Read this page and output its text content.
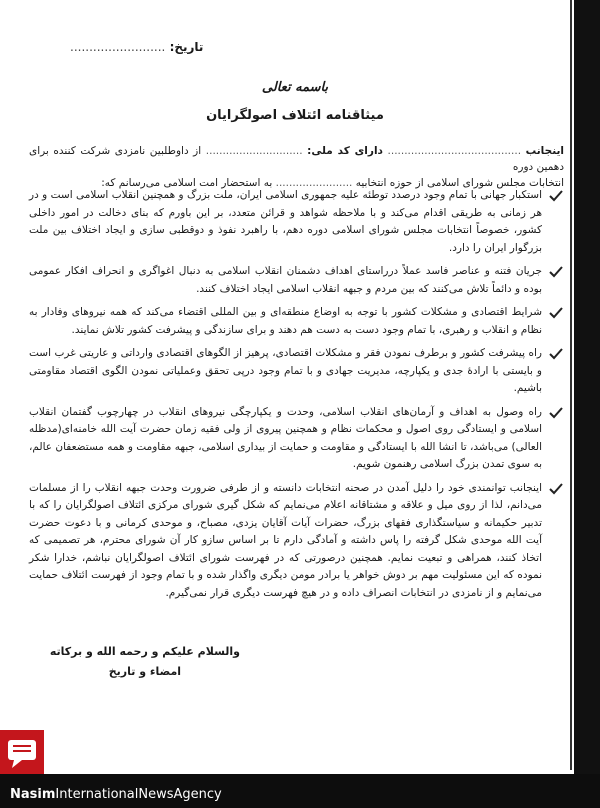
تاریخ: .........................
باسمه تعالی
میثاقنامه ائتلاف اصولگرایان
اینجانب ........................................ دارای کد ملی: ............................. از داوطلبین نامزدی شرکت کننده برای دهمین دوره
انتخابات مجلس شورای اسلامی از حوزه انتخابیه ....................... به استحضار امت اسلامی می‌رسانم که:
استکبار جهانی با تمام وجود درصدد توطئه علیه جمهوری اسلامی ایران، ملت بزرگ و همچنین انقلاب اسلامی است و در هر زمانی به طریقی اقدام می‌کند و با ملاحظه شواهد و قرائن متعدد، بر این باورم که بنای دخالت در امور داخلی کشور، خصوصاً انتخابات مجلس شورای اسلامی دوره دهم، با راهبرد نفوذ و دوقطبی سازی و ایجاد اختلاف بین ملت بزرگوار ایران را دارد.
جریان فتنه و عناصر فاسد عملاً درراستای اهداف دشمنان انقلاب اسلامی به دنبال اغواگری و انحراف افکار عمومی بوده و دائماً تلاش می‌کنند که بین مردم و جبهه انقلاب اسلامی ایجاد اختلاف کنند.
شرایط اقتصادی و مشکلات کشور با توجه به اوضاع منطقه‌ای و بین المللی اقتضاء می‌کند که همه نیروهای وفادار به نظام و انقلاب و رهبری، با تمام وجود دست به دست هم دهند و برای سازندگی و پیشرفت کشور تلاش نمایند.
راه پیشرفت کشور و برطرف نمودن فقر و مشکلات اقتصادی، پرهیز از الگوهای اقتصادی وارداتی و عاریتی غرب است و بایستی با ارادهٔ جدی و یکپارچه، مدیریت جهادی و با تمام وجود درپی تحقق وعملیاتی نمودن الگوی اقتصاد مقاومتی باشیم.
راه وصول به اهداف و آرمان‌های انقلاب اسلامی، وحدت و یکپارچگی نیروهای انقلاب در چهارچوب گفتمان انقلاب اسلامی و ایستادگی روی اصول و محکمات نظام و همچنین پیروی از ولی فقیه زمان حضرت آیت الله خامنه‌ای(مدظله العالی) می‌باشد، تا انشا الله با ایستادگی و مقاومت و حمایت از بیداری اسلامی، جبهه مقاومت و همه مستضعفان عالم، به سوی تمدن بزرگ اسلامی رهنمون شویم.
اینجانب توانمندی خود را دلیل آمدن در صحنه انتخابات دانسته و از طرفی ضرورت وحدت جبهه انقلاب را از مسلمات می‌دانم، لذا از روی میل و علاقه و مشتاقانه اعلام می‌نمایم که شکل گیری شورای مرکزی ائتلاف اصولگرایان را که با تدبیر حکیمانه و سیاستگذاری فقهای بزرگ، حضرات آیات آقایان یزدی، مصباح، و موحدی کرمانی و با دعوت حضرت آیت الله موحدی شکل گرفته را پاس داشته و آمادگی دارم تا بر اساس سازو کار آن شورای محترم، هر تصمیمی که اتخاذ کنند، همراهی و تبعیت نمایم. همچنین درصورتی که در فهرست شورای ائتلاف اصولگرایان نباشم، خدارا شکر نموده که این مسئولیت مهم بر دوش خواهر یا برادر مومن دیگری واگذار شده و با تمام وجود از فهرست ائتلاف حمایت می‌نمایم و از نامزدی در انتخابات انصراف داده و در هیچ فهرست دیگری قرار نمی‌گیرم.
والسلام علیکم و رحمه الله و برکاته
امضاء و تاریخ
NasimInternationalNewsAgency
